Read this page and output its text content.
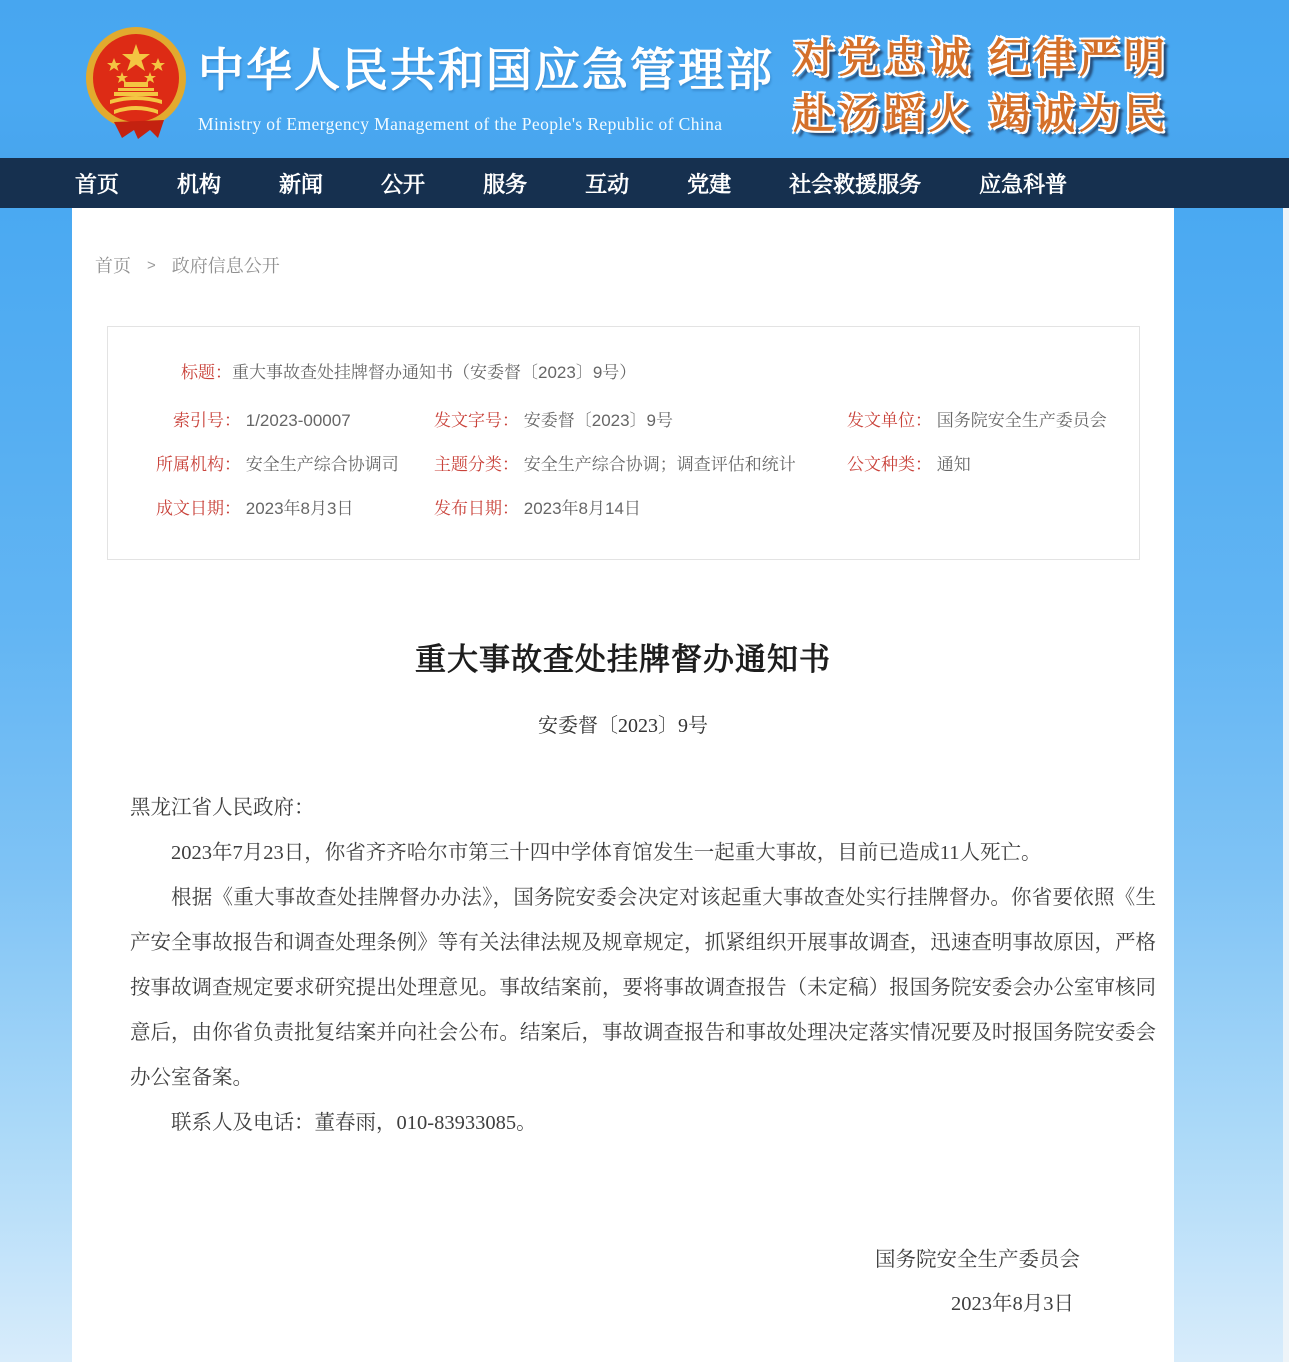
中华人民共和国应急管理部
Ministry of Emergency Management of the People's Republic of China
对党忠诚 纪律严明
赴汤蹈火 竭诚为民
首页	机构	新闻	公开	服务	互动	党建	社会救援服务	应急科普
首页 > 政府信息公开
标题：重大事故查处挂牌督办通知书（安委督〔2023〕9号）
索引号： 1/2023-00007	发文字号： 安委督〔2023〕9号	发文单位： 国务院安全生产委员会
所属机构： 安全生产综合协调司	主题分类： 安全生产综合协调；调查评估和统计	公文种类： 通知
成文日期： 2023年8月3日	发布日期： 2023年8月14日
重大事故查处挂牌督办通知书
安委督〔2023〕9号

黑龙江省人民政府：

2023年7月23日，你省齐齐哈尔市第三十四中学体育馆发生一起重大事故，目前已造成11人死亡。

根据《重大事故查处挂牌督办办法》，国务院安委会决定对该起重大事故查处实行挂牌督办。你省要依照《生产安全事故报告和调查处理条例》等有关法律法规及规章规定，抓紧组织开展事故调查，迅速查明事故原因，严格按事故调查规定要求研究提出处理意见。事故结案前，要将事故调查报告（未定稿）报国务院安委会办公室审核同意后，由你省负责批复结案并向社会公布。结案后，事故调查报告和事故处理决定落实情况要及时报国务院安委会办公室备案。

联系人及电话：董春雨，010-83933085。

国务院安全生产委员会
2023年8月3日
